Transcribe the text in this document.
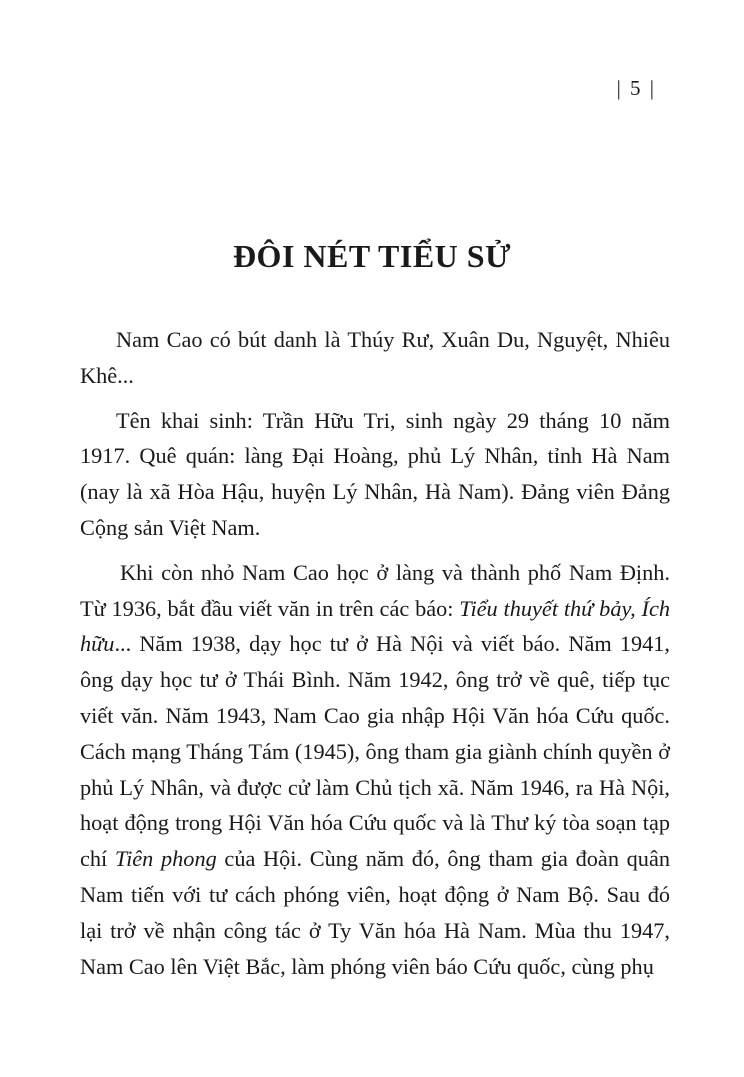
| 5 |
ĐÔI NÉT TIỂU SỬ

Nam Cao có bút danh là Thúy Rư, Xuân Du, Nguyệt, Nhiêu Khê...

Tên khai sinh: Trần Hữu Tri, sinh ngày 29 tháng 10 năm 1917. Quê quán: làng Đại Hoàng, phủ Lý Nhân, tỉnh Hà Nam (nay là xã Hòa Hậu, huyện Lý Nhân, Hà Nam). Đảng viên Đảng Cộng sản Việt Nam.

Khi còn nhỏ Nam Cao học ở làng và thành phố Nam Định. Từ 1936, bắt đầu viết văn in trên các báo: Tiểu thuyết thứ bảy, Ích hữu... Năm 1938, dạy học tư ở Hà Nội và viết báo. Năm 1941, ông dạy học tư ở Thái Bình. Năm 1942, ông trở về quê, tiếp tục viết văn. Năm 1943, Nam Cao gia nhập Hội Văn hóa Cứu quốc. Cách mạng Tháng Tám (1945), ông tham gia giành chính quyền ở phủ Lý Nhân, và được cử làm Chủ tịch xã. Năm 1946, ra Hà Nội, hoạt động trong Hội Văn hóa Cứu quốc và là Thư ký tòa soạn tạp chí Tiên phong của Hội. Cùng năm đó, ông tham gia đoàn quân Nam tiến với tư cách phóng viên, hoạt động ở Nam Bộ. Sau đó lại trở về nhận công tác ở Ty Văn hóa Hà Nam. Mùa thu 1947, Nam Cao lên Việt Bắc, làm phóng viên báo Cứu quốc, cùng phụ
